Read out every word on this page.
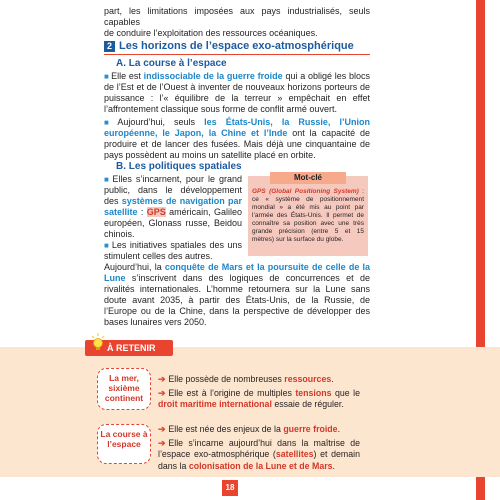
part, les limitations imposées aux pays industrialisés, seuls capables

de conduire l’exploitation des ressources océaniques.

2 Les horizons de l’espace exo-atmosphérique
A. La course à l’espace

■ Elle est indissociable de la guerre froide qui a obligé les blocs de l’Est et de l’Ouest à inventer de nouveaux horizons porteurs de puissance : l’« équilibre de la terreur » empêchait en effet l’affrontement classique sous forme de conflit armé ouvert.

■ Aujourd’hui, seuls les États-Unis, la Russie, l’Union européenne, le Japon, la Chine et l’Inde ont la capacité de produire et de lancer des fusées. Mais déjà une cinquantaine de pays possèdent au moins un satellite placé en orbite.

B. Les politiques spatiales

■ Elles s’incarnent, pour le grand public, dans le développement des systèmes de navigation par satellite : GPS américain, Galileo européen, Glonass russe, Beidou chinois.

■ Les initiatives spatiales des uns stimulent celles des autres.

Aujourd’hui, la conquête de Mars et la poursuite de celle de la Lune s’inscrivent dans des logiques de concurrences et de rivalités internationales. L’homme retournera sur la Lune sans doute avant 2035, à partir des États-Unis, de la Russie, de l’Europe ou de la Chine, dans la perspective de développer des bases lunaires vers 2050.

Mot-clé
GPS (Global Positioning System) : ce « système de positionnement mondial » a été mis au point par l’armée des États-Unis. Il permet de connaître sa position avec une très grande précision (entre 5 et 15 mètres) sur la surface du globe.
À RETENIR
La mer, sixième continent

➔ Elle possède de nombreuses ressources.

➔ Elle est à l’origine de multiples tensions que le droit maritime international essaie de réguler.

La course à l’espace

➔ Elle est née des enjeux de la guerre froide.

➔ Elle s’incarne aujourd’hui dans la maîtrise de l’espace exo-atmosphérique (satellites) et demain dans la colonisation de la Lune et de Mars.

18
